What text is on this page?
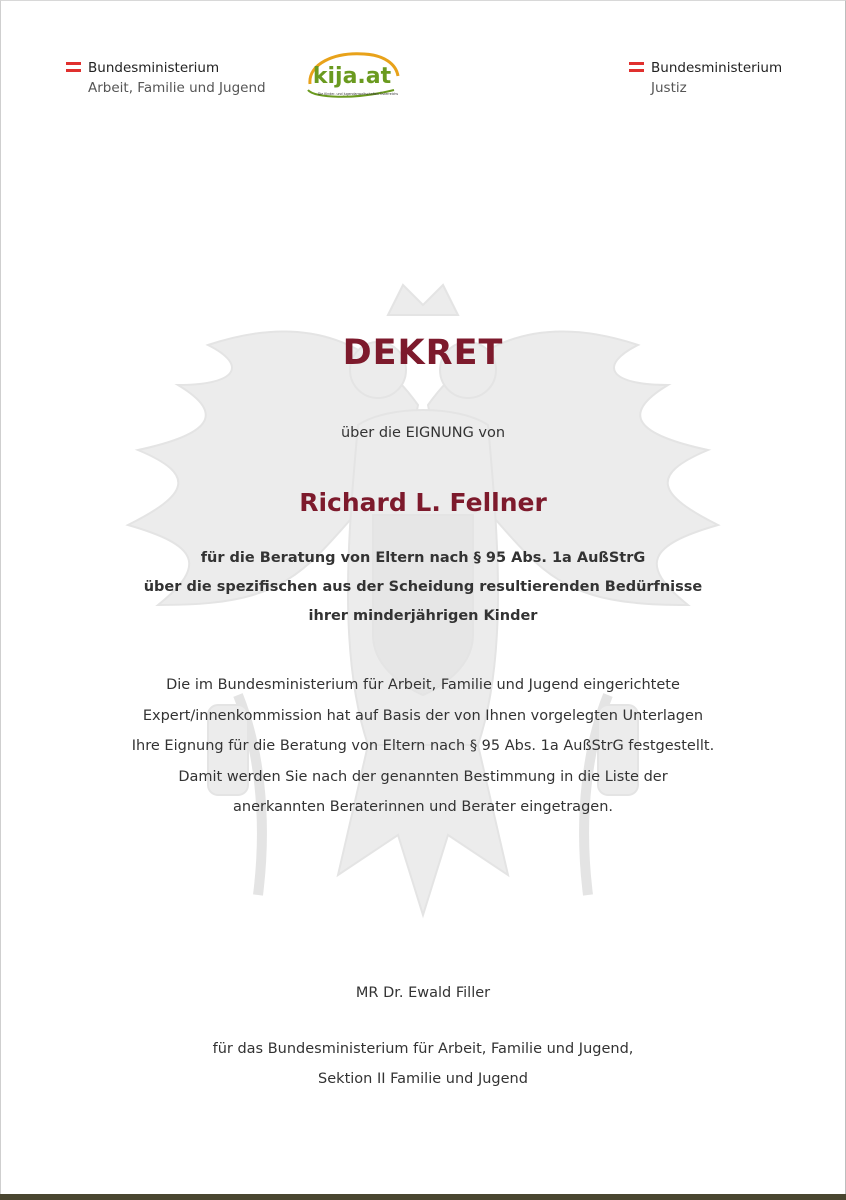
Bundesministerium
Arbeit, Familie und Jugend kija.at
Die Kinder- und Jugendanwaltschaften Österreichs
Bundesministerium
Justiz
DEKRET
über die EIGNUNG von
Richard L. Fellner
für die Beratung von Eltern nach § 95 Abs. 1a AußStrG
über die spezifischen aus der Scheidung resultierenden Bedürfnisse
ihrer minderjährigen Kinder
Die im Bundesministerium für Arbeit, Familie und Jugend eingerichtete
Expert/innenkommission hat auf Basis der von Ihnen vorgelegten Unterlagen
Ihre Eignung für die Beratung von Eltern nach § 95 Abs. 1a AußStrG festgestellt.
Damit werden Sie nach der genannten Bestimmung in die Liste der
anerkannten Beraterinnen und Berater eingetragen.
MR Dr. Ewald Filler
für das Bundesministerium für Arbeit, Familie und Jugend,
Sektion II Familie und Jugend
